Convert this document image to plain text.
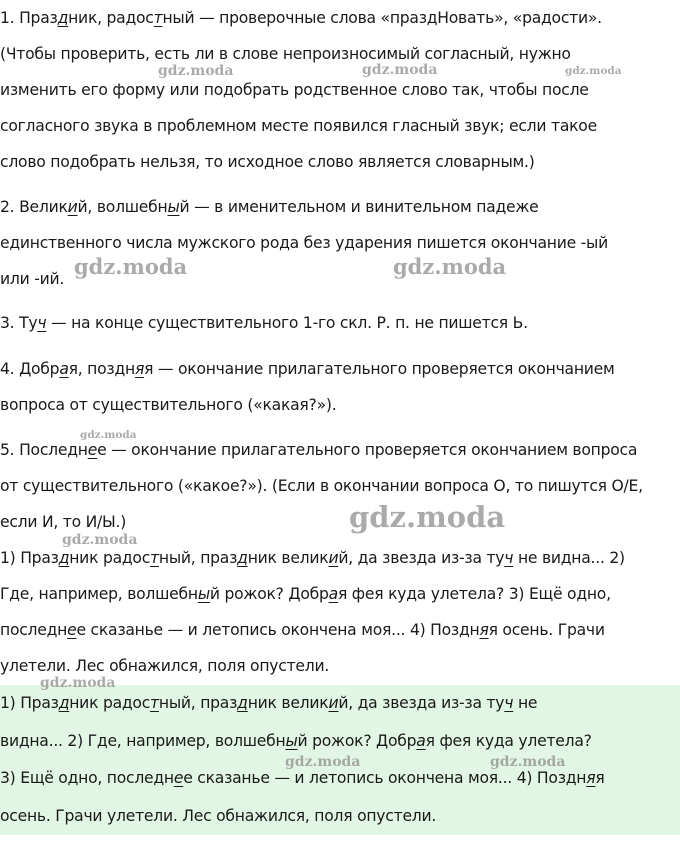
1. Праздник, радостный — проверочные слова «праздНовать», «радости».
(Чтобы проверить, есть ли в слове непроизносимый согласный, нужно
изменить его форму или подобрать родственное слово так, чтобы после
согласного звука в проблемном месте появился гласный звук; если такое
слово подобрать нельзя, то исходное слово является словарным.)
2. Великий, волшебный — в именительном и винительном падеже
единственного числа мужского рода без ударения пишется окончание -ый
или -ий.
3. Туч — на конце существительного 1-го скл. Р. п. не пишется Ь.
4. Добрая, поздняя — окончание прилагательного проверяется окончанием
вопроса от существительного («какая?»).
5. Последнее — окончание прилагательного проверяется окончанием вопроса
от существительного («какое?»). (Если в окончании вопроса О, то пишутся О/Е,
если И, то И/Ы.)
1) Праздник радостный, праздник великий, да звезда из-за туч не видна... 2)
Где, например, волшебный рожок? Добрая фея куда улетела? 3) Ещё одно,
последнее сказанье — и летопись окончена моя... 4) Поздняя осень. Грачи
улетели. Лес обнажился, поля опустели.
1) Праздник радостный, праздник великий, да звезда из-за туч не
видна... 2) Где, например, волшебный рожок? Добрая фея куда улетела?
3) Ещё одно, последнее сказанье — и летопись окончена моя... 4) Поздняя
осень. Грачи улетели. Лес обнажился, поля опустели.
gdz.moda	gdz.moda	gdz.moda
gdz.moda	gdz.moda
gdz.moda
gdz.moda
gdz.moda
gdz.moda
gdz.moda	gdz.moda
